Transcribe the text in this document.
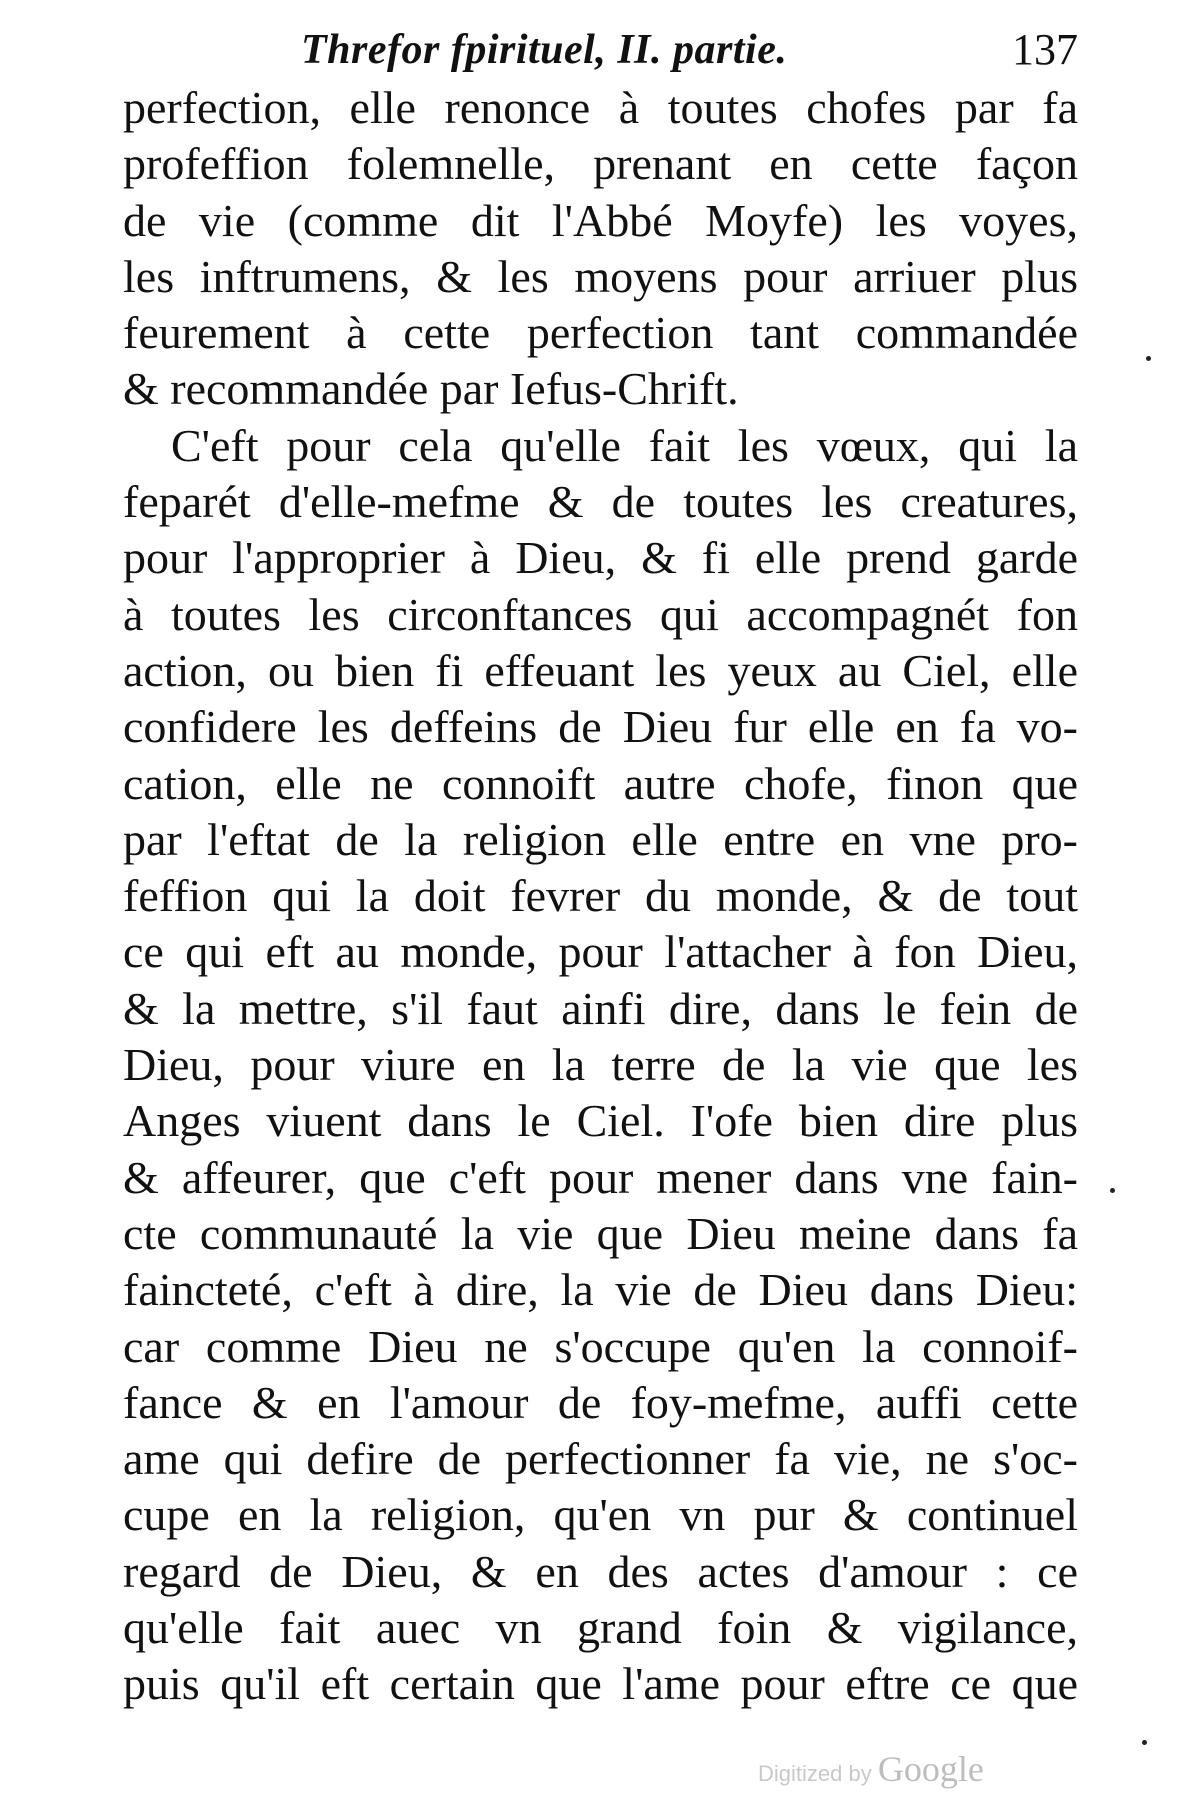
Threfor fpirituel, II. partie.	137
perfection, elle renonce à toutes chofes par fa
profeffion folemnelle, prenant en cette façon
de vie (comme dit l'Abbé Moyfe) les voyes,
les inftrumens, & les moyens pour arriuer plus
feurement à cette perfection tant commandée
& recommandée par Iefus-Chrift.
C'eft pour cela qu'elle fait les vœux, qui la
feparét d'elle-mefme & de toutes les creatures,
pour l'approprier à Dieu, & fi elle prend garde
à toutes les circonftances qui accompagnét fon
action, ou bien fi effeuant les yeux au Ciel, elle
confidere les deffeins de Dieu fur elle en fa vo-
cation, elle ne connoift autre chofe, finon que
par l'eftat de la religion elle entre en vne pro-
feffion qui la doit fevrer du monde, & de tout
ce qui eft au monde, pour l'attacher à fon Dieu,
& la mettre, s'il faut ainfi dire, dans le fein de
Dieu, pour viure en la terre de la vie que les
Anges viuent dans le Ciel. I'ofe bien dire plus
& affeurer, que c'eft pour mener dans vne fain-
cte communauté la vie que Dieu meine dans fa
faincteté, c'eft à dire, la vie de Dieu dans Dieu:
car comme Dieu ne s'occupe qu'en la connoif-
fance & en l'amour de foy-mefme, auffi cette
ame qui defire de perfectionner fa vie, ne s'oc-
cupe en la religion, qu'en vn pur & continuel
regard de Dieu, & en des actes d'amour : ce
qu'elle fait auec vn grand foin & vigilance,
puis qu'il eft certain que l'ame pour eftre ce que
Digitized by Google
